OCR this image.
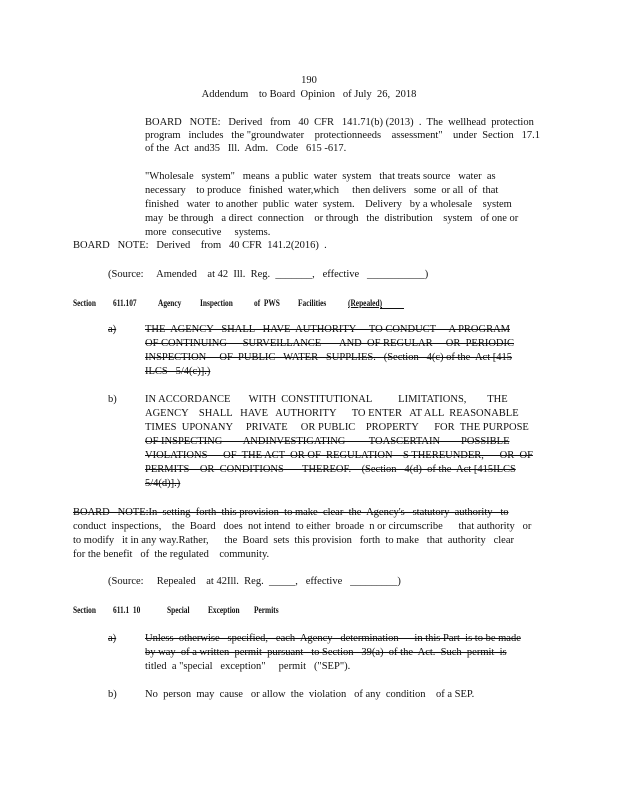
190
Addendum    to Board  Opinion   of July  26,  2018
BOARD   NOTE:   Derived   from   40  CFR   141.71(b) (2013)  .  The  wellhead  protection
program   includes   the "groundwater    protectionneeds    assessment"    under  Section   17.1
of the  Act  and35   Ill.  Adm.   Code   615 -617.
"Wholesale   system"   means  a public  water  system   that treats source   water  as
necessary    to produce   finished  water,which     then delivers   some  or all  of  that
finished   water  to another  public  water  system.    Delivery   by a wholesale    system
may  be through   a direct  connection    or through   the  distribution    system   of one or
more  consecutive     systems.
BOARD   NOTE:   Derived    from   40 CFR  141.2(2016)  .
(Source:     Amended    at 42  Ill.  Reg.  _______,   effective   ___________)
Section 611.107 Agency Inspection of  PWS Facilities (Repealed)
a)	THE  AGENCY   SHALL   HAVE  AUTHORITY     TO CONDUCT     A PROGRAM
OF CONTINUING      SURVEILLANCE       AND  OF REGULAR     OR  PERIODIC
INSPECTION     OF  PUBLIC   WATER   SUPPLIES.   (Section   4(c) of the  Act [415
ILCS   5/4(c)].)
b)	IN ACCORDANCE       WITH  CONSTITUTIONAL          LIMITATIONS,        THE
AGENCY    SHALL   HAVE   AUTHORITY      TO ENTER   AT ALL  REASONABLE
TIMES  UPONANY     PRIVATE     OR PUBLIC    PROPERTY      FOR  THE PURPOSE
OF INSPECTING        ANDINVESTIGATING         TOASCERTAIN        POSSIBLE
VIOLATIONS      OF  THE ACT  OR OF  REGULATION    S THEREUNDER,      OR  OF
PERMITS    OR  CONDITIONS       THEREOF.    (Section   4(d)  of the  Act [415ILCS
5/4(d)].)
BOARD   NOTE:In  setting  forth  this provision  to make  clear  the  Agency's   statutory  authority   to
conduct  inspections,    the  Board   does  not intend  to either  broade  n or circumscribe      that authority   or
to modify   it in any way.Rather,      the  Board  sets  this provision   forth  to make   that  authority   clear
for the benefit   of  the regulated    community.
(Source:     Repealed    at 42Ill.  Reg.  _____,   effective   _________)
Section 611.1  10	Special Exception Permits
a)	Unless  otherwise   specified,   each  Agency   determination      in this Part  is to be made
by way  of a written  permit  pursuant   to Section   39(a)  of the  Act.  Such  permit  is
titled  a "special   exception"     permit   ("SEP").
b)	No  person  may  cause   or allow  the  violation   of any  condition    of a SEP.
